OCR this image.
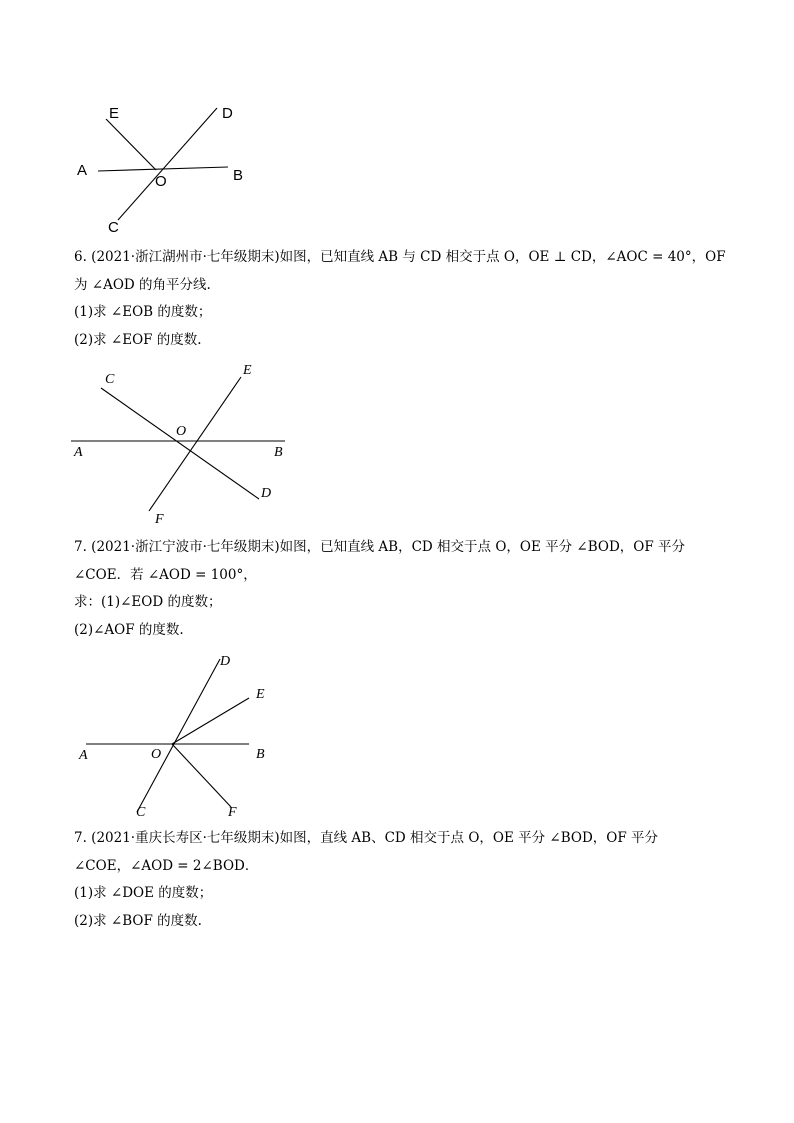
E	D
A
O	B
C
6. (2021·浙江湖州市·七年级期末)如图，已知直线 AB 与 CD 相交于点 O，OE ⊥ CD，∠AOC = 40°，OF
为 ∠AOD 的角平分线.
(1)求 ∠EOB 的度数；
(2)求 ∠EOF 的度数.
C
E
O
A	B
D
F
7. (2021·浙江宁波市·七年级期末)如图，已知直线 AB，CD 相交于点 O，OE 平分 ∠BOD，OF 平分
∠COE．若 ∠AOD = 100°，
求：(1)∠EOD 的度数；
(2)∠AOF 的度数.
D
E
A	O	B
C	F
7. (2021·重庆长寿区·七年级期末)如图，直线 AB、CD 相交于点 O，OE 平分 ∠BOD，OF 平分
∠COE，∠AOD = 2∠BOD．
(1)求 ∠DOE 的度数；
(2)求 ∠BOF 的度数.
